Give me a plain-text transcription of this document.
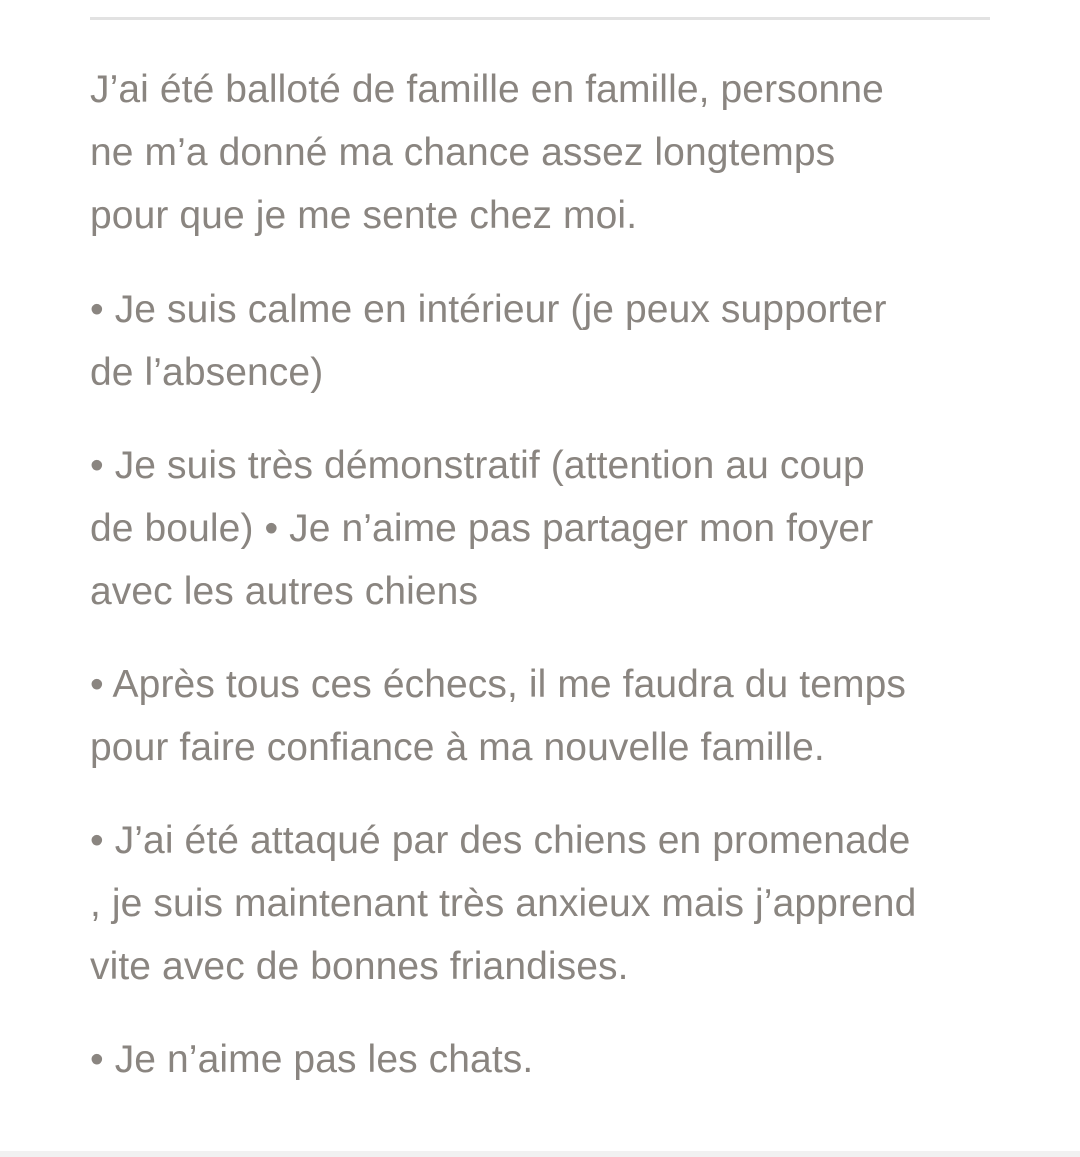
J’ai été balloté de famille en famille, personne
ne m’a donné ma chance assez longtemps
pour que je me sente chez moi.

• Je suis calme en intérieur (je peux supporter
de l’absence)

• Je suis très démonstratif (attention au coup
de boule) • Je n’aime pas partager mon foyer
avec les autres chiens

• Après tous ces échecs, il me faudra du temps
pour faire confiance à ma nouvelle famille.

• J’ai été attaqué par des chiens en promenade
, je suis maintenant très anxieux mais j’apprend
vite avec de bonnes friandises.

• Je n’aime pas les chats.
